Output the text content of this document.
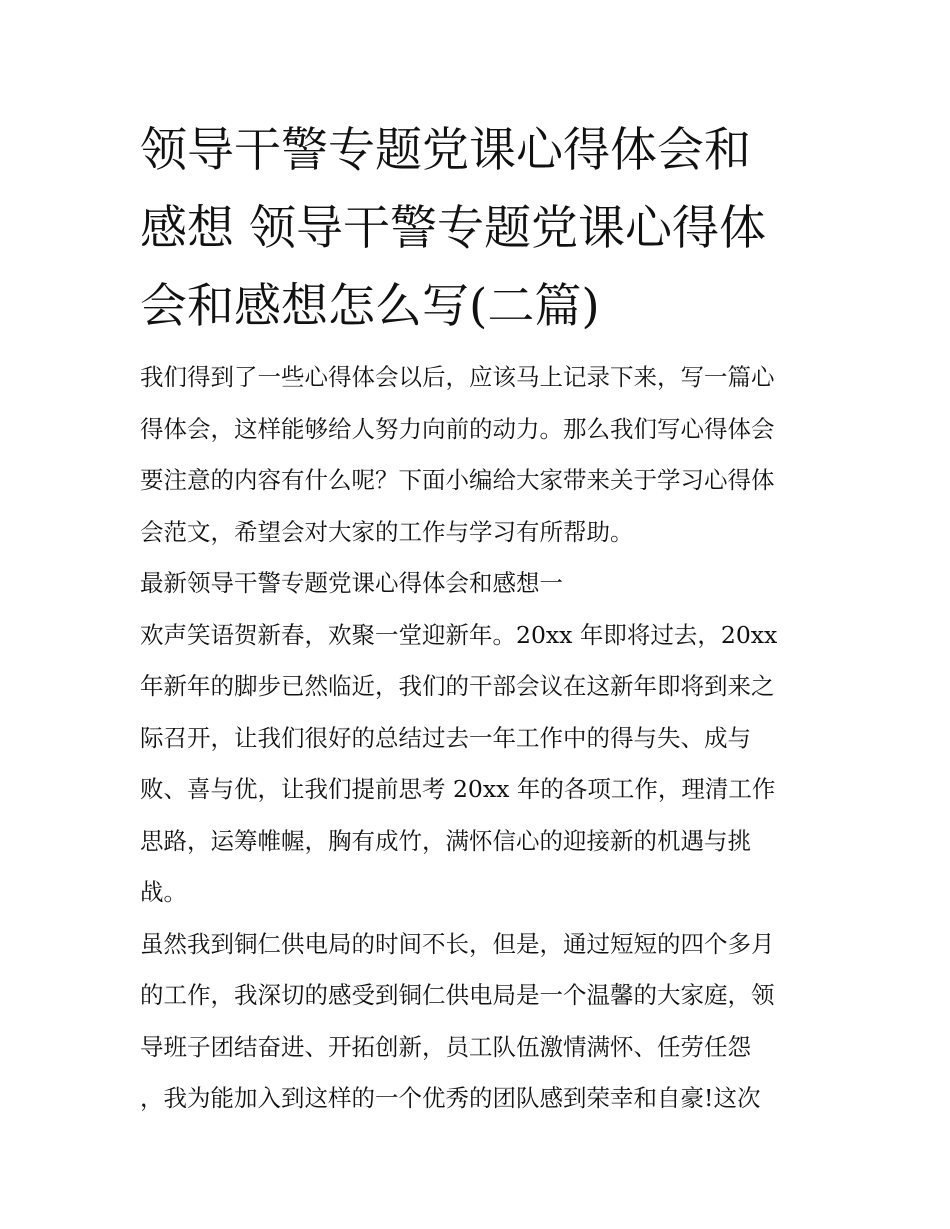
领导干警专题党课心得体会和
感想 领导干警专题党课心得体
会和感想怎么写(二篇)
我们得到了一些心得体会以后，应该马上记录下来，写一篇心
得体会，这样能够给人努力向前的动力。那么我们写心得体会
要注意的内容有什么呢？下面小编给大家带来关于学习心得体
会范文，希望会对大家的工作与学习有所帮助。
最新领导干警专题党课心得体会和感想一
欢声笑语贺新春，欢聚一堂迎新年。20xx 年即将过去，20xx
年新年的脚步已然临近，我们的干部会议在这新年即将到来之
际召开，让我们很好的总结过去一年工作中的得与失、成与
败、喜与优，让我们提前思考 20xx 年的各项工作，理清工作
思路，运筹帷幄，胸有成竹，满怀信心的迎接新的机遇与挑
战。
虽然我到铜仁供电局的时间不长，但是，通过短短的四个多月
的工作，我深切的感受到铜仁供电局是一个温馨的大家庭，领
导班子团结奋进、开拓创新，员工队伍激情满怀、任劳任怨
，我为能加入到这样的一个优秀的团队感到荣幸和自豪!这次
